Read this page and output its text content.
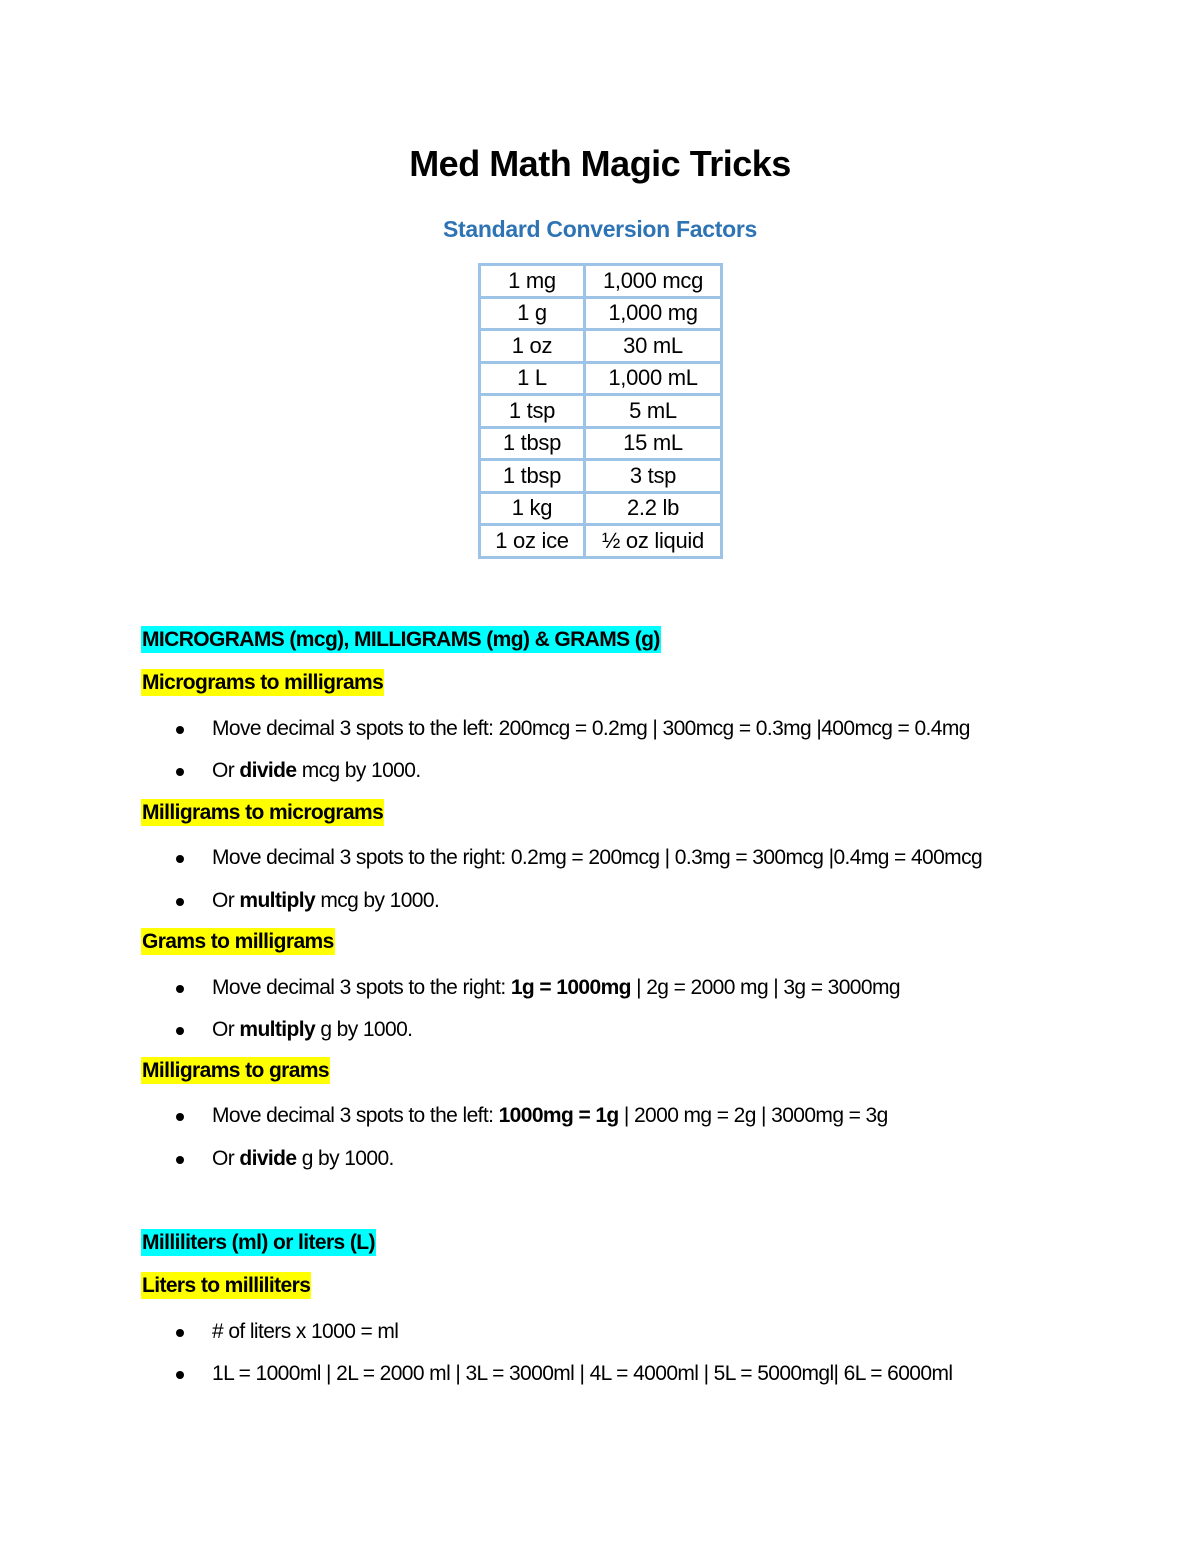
Med Math Magic Tricks
Standard Conversion Factors
1 mg	1,000 mcg
1 g	1,000 mg
1 oz	30 mL
1 L	1,000 mL
1 tsp	5 mL
1 tbsp	15 mL
1 tbsp	3 tsp
1 kg	2.2 lb
1 oz ice	½ oz liquid
MICROGRAMS (mcg), MILLIGRAMS (mg) & GRAMS (g)
Micrograms to milligrams
Move decimal 3 spots to the left: 200mcg = 0.2mg | 300mcg = 0.3mg |400mcg = 0.4mg
Or divide mcg by 1000.
Milligrams to micrograms
Move decimal 3 spots to the right: 0.2mg = 200mcg | 0.3mg = 300mcg |0.4mg = 400mcg
Or multiply mcg by 1000.
Grams to milligrams
Move decimal 3 spots to the right: 1g = 1000mg | 2g = 2000 mg | 3g = 3000mg
Or multiply g by 1000.
Milligrams to grams
Move decimal 3 spots to the left: 1000mg = 1g | 2000 mg = 2g | 3000mg = 3g
Or divide g by 1000.
Milliliters (ml) or liters (L)
Liters to milliliters
# of liters x 1000 = ml
1L = 1000ml | 2L = 2000 ml | 3L = 3000ml | 4L = 4000ml | 5L = 5000mgl| 6L = 6000ml
